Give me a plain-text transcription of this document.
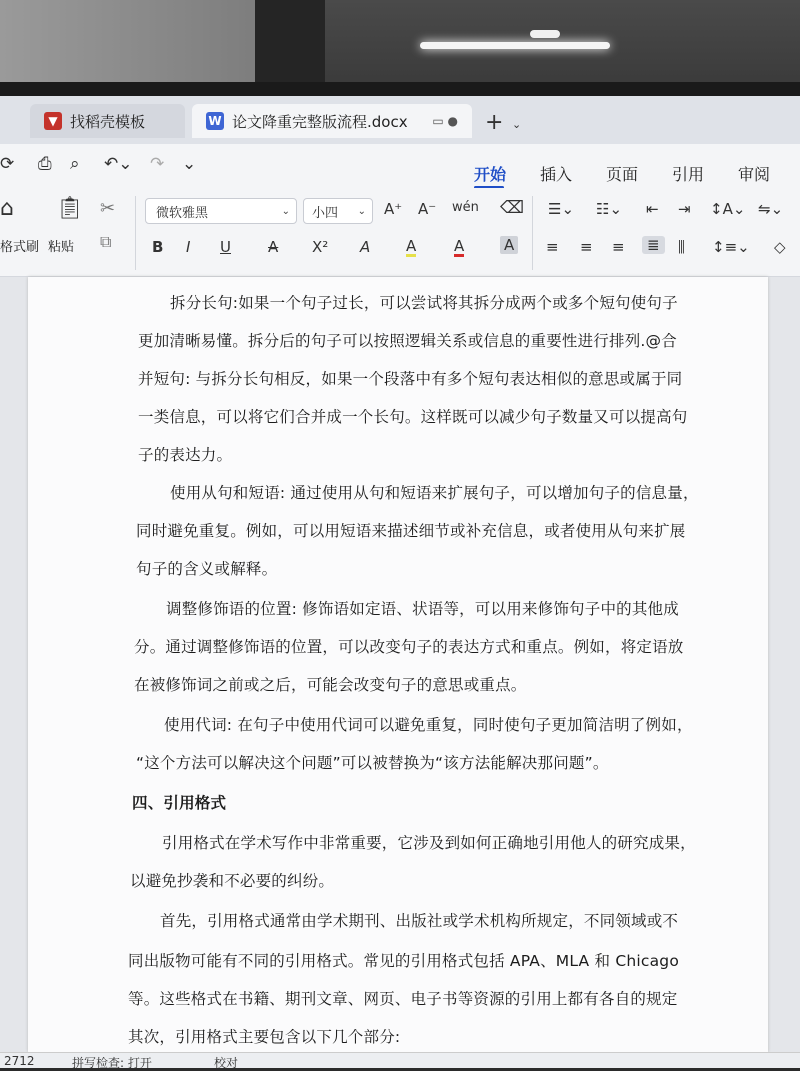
▼ 找稻壳模板	W 论文降重完整版流程.docx ▭ ● + ⌄
⟳ ⎙ ⌕ ↶⌄ ↷ ⌄
开始 插入 页面 引用 审阅
⌂
格式刷
📋︎
粘贴
✂
⧉
微软雅黑	⌄ 小四 ⌄ A⁺ A⁻ wén ⌫
B I U A X² A A	A	A
☰⌄ ☷⌄ ⇤ ⇥ ↕A⌄ ⇋⌄
≡ ≡ ≡	≣	⫼ ↕≡⌄ ◇
拆分长句:如果一个句子过长，可以尝试将其拆分成两个或多个短句使句子
更加清晰易懂。拆分后的句子可以按照逻辑关系或信息的重要性进行排列.@合
并短句: 与拆分长句相反，如果一个段落中有多个短句表达相似的意思或属于同
一类信息，可以将它们合并成一个长句。这样既可以减少句子数量又可以提高句
子的表达力。
使用从句和短语: 通过使用从句和短语来扩展句子，可以增加句子的信息量，
同时避免重复。例如，可以用短语来描述细节或补充信息，或者使用从句来扩展
句子的含义或解释。
调整修饰语的位置: 修饰语如定语、状语等，可以用来修饰句子中的其他成
分。通过调整修饰语的位置，可以改变句子的表达方式和重点。例如，将定语放
在被修饰词之前或之后，可能会改变句子的意思或重点。
使用代词: 在句子中使用代词可以避免重复，同时使句子更加简洁明了例如，
“这个方法可以解决这个问题”可以被替换为“该方法能解决那问题”。
四、引用格式
引用格式在学术写作中非常重要，它涉及到如何正确地引用他人的研究成果，
以避免抄袭和不必要的纠纷。
首先，引用格式通常由学术期刊、出版社或学术机构所规定，不同领域或不
同出版物可能有不同的引用格式。常见的引用格式包括 APA、MLA 和 Chicago
等。这些格式在书籍、期刊文章、网页、电子书等资源的引用上都有各自的规定
其次，引用格式主要包含以下几个部分:
2712	拼写检查: 打开	校对
